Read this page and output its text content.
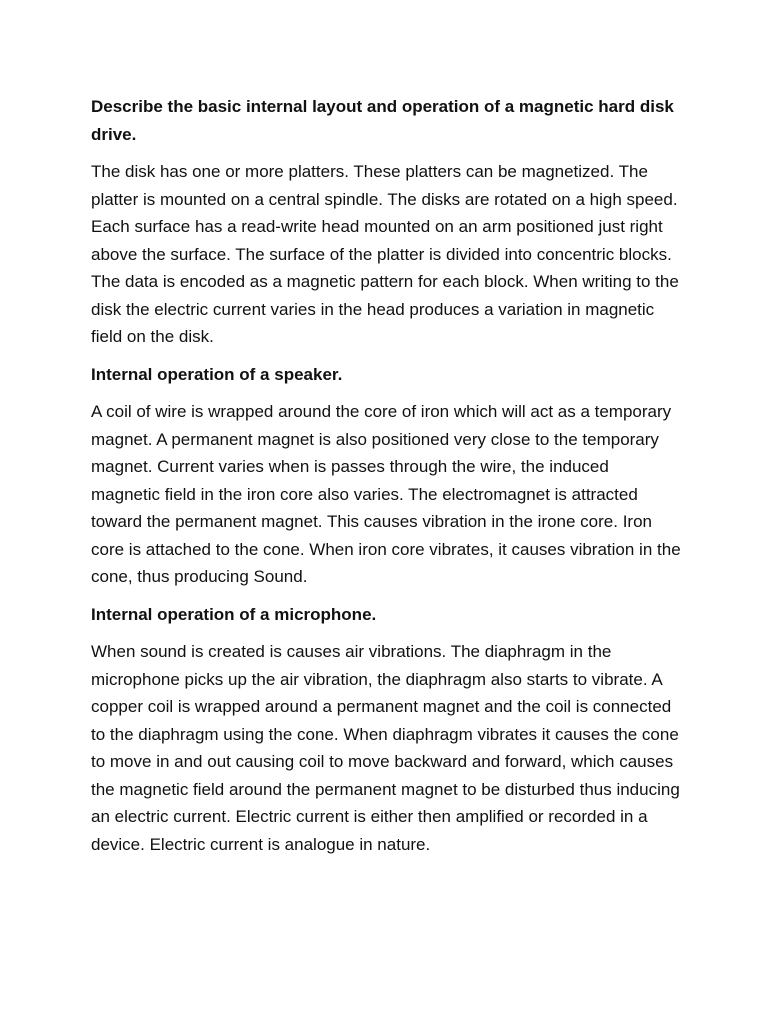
Describe the basic internal layout and operation of a magnetic hard disk drive.

The disk has one or more platters. These platters can be magnetized. The platter is mounted on a central spindle. The disks are rotated on a high speed. Each surface has a read-write head mounted on an arm positioned just right above the surface. The surface of the platter is divided into concentric blocks. The data is encoded as a magnetic pattern for each block. When writing to the disk the electric current varies in the head produces a variation in magnetic field on the disk.

Internal operation of a speaker.

A coil of wire is wrapped around the core of iron which will act as a temporary magnet. A permanent magnet is also positioned very close to the temporary magnet. Current varies when is passes through the wire, the induced magnetic field in the iron core also varies. The electromagnet is attracted toward the permanent magnet. This causes vibration in the irone core. Iron core is attached to the cone. When iron core vibrates, it causes vibration in the cone, thus producing Sound.

Internal operation of a microphone.

When sound is created is causes air vibrations. The diaphragm in the microphone picks up the air vibration, the diaphragm also starts to vibrate. A copper coil is wrapped around a permanent magnet and the coil is connected to the diaphragm using the cone. When diaphragm vibrates it causes the cone to move in and out causing coil to move backward and forward, which causes the magnetic field around the permanent magnet to be disturbed thus inducing an electric current. Electric current is either then amplified or recorded in a device. Electric current is analogue in nature.
